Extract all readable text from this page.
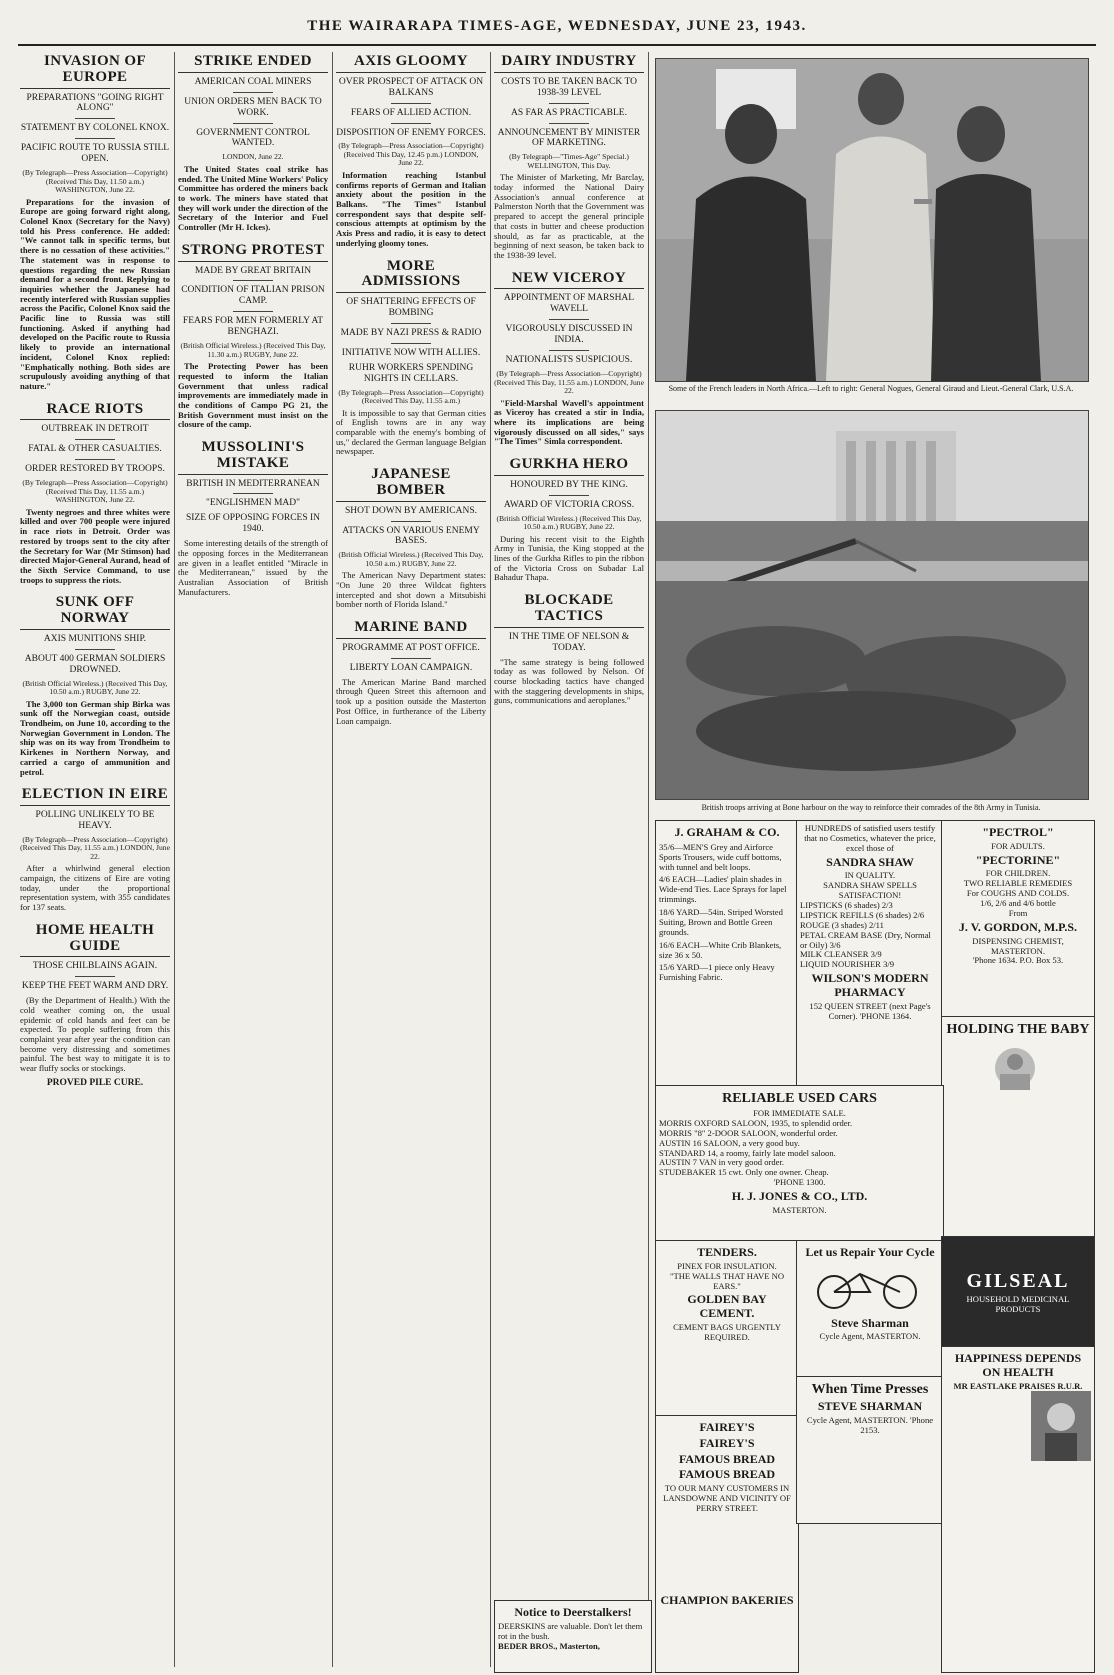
THE WAIRARAPA TIMES-AGE, WEDNESDAY, JUNE 23, 1943.
INVASION OF EUROPE
PREPARATIONS "GOING RIGHT ALONG"
STATEMENT BY COLONEL KNOX.
PACIFIC ROUTE TO RUSSIA STILL OPEN.
(By Telegraph—Press Association—Copyright) (Received This Day, 11.50 a.m.) WASHINGTON, June 22.

Preparations for the invasion of Europe are going forward right along, Colonel Knox (Secretary for the Navy) told his Press conference. He added: "We cannot talk in specific terms, but there is no cessation of these activities." The statement was in response to questions regarding the new Russian demand for a second front. Replying to inquiries whether the Japanese had recently interfered with Russian supplies across the Pacific, Colonel Knox said the Pacific line to Russia was still functioning. Asked if anything had developed on the Pacific route to Russia likely to provide an international incident, Colonel Knox replied: "Emphatically nothing. Both sides are scrupulously avoiding anything of that nature."

RACE RIOTS
OUTBREAK IN DETROIT
FATAL & OTHER CASUALTIES.
ORDER RESTORED BY TROOPS.
(By Telegraph—Press Association—Copyright) (Received This Day, 11.55 a.m.) WASHINGTON, June 22.

Twenty negroes and three whites were killed and over 700 people were injured in race riots in Detroit. Order was restored by troops sent to the city after the Secretary for War (Mr Stimson) had directed Major-General Aurand, head of the Sixth Service Command, to use troops to suppress the riots.

SUNK OFF NORWAY
AXIS MUNITIONS SHIP.
ABOUT 400 GERMAN SOLDIERS DROWNED.
(British Official Wireless.) (Received This Day, 10.50 a.m.) RUGBY, June 22.

The 3,000 ton German ship Birka was sunk off the Norwegian coast, outside Trondheim, on June 10, according to the Norwegian Government in London. The ship was on its way from Trondheim to Kirkenes in Northern Norway, and carried a cargo of ammunition and petrol.

ELECTION IN EIRE
POLLING UNLIKELY TO BE HEAVY.
(By Telegraph—Press Association—Copyright) (Received This Day, 11.55 a.m.) LONDON, June 22.

After a whirlwind general election campaign, the citizens of Eire are voting today, under the proportional representation system, with 355 candidates for 137 seats.

HOME HEALTH GUIDE
THOSE CHILBLAINS AGAIN.
KEEP THE FEET WARM AND DRY.

(By the Department of Health.) With the cold weather coming on, the usual epidemic of cold hands and feet can be expected. To people suffering from this complaint year after year the condition can become very distressing and sometimes painful. The best way to mitigate it is to wear fluffy socks or stockings.

PROVED PILE CURE.
STRIKE ENDED
AMERICAN COAL MINERS
UNION ORDERS MEN BACK TO WORK.
GOVERNMENT CONTROL WANTED.
LONDON, June 22.

The United States coal strike has ended. The United Mine Workers' Policy Committee has ordered the miners back to work. The miners have stated that they will work under the direction of the Secretary of the Interior and Fuel Controller (Mr H. Ickes).

STRONG PROTEST
MADE BY GREAT BRITAIN
CONDITION OF ITALIAN PRISON CAMP.
FEARS FOR MEN FORMERLY AT BENGHAZI.
(British Official Wireless.) (Received This Day, 11.30 a.m.) RUGBY, June 22.

The Protecting Power has been requested to inform the Italian Government that unless radical improvements are immediately made in the conditions of Campo PG 21, the British Government must insist on the closure of the camp.

MUSSOLINI'S MISTAKE
BRITISH IN MEDITERRANEAN
"ENGLISHMEN MAD"
SIZE OF OPPOSING FORCES IN 1940.

Some interesting details of the strength of the opposing forces in the Mediterranean are given in a leaflet entitled "Miracle in the Mediterranean," issued by the Australian Association of British Manufacturers.

AXIS GLOOMY
OVER PROSPECT OF ATTACK ON BALKANS
FEARS OF ALLIED ACTION.
DISPOSITION OF ENEMY FORCES.
(By Telegraph—Press Association—Copyright) (Received This Day, 12.45 p.m.) LONDON, June 22.

Information reaching Istanbul confirms reports of German and Italian anxiety about the position in the Balkans. "The Times" Istanbul correspondent says that despite self-conscious attempts at optimism by the Axis Press and radio, it is easy to detect underlying gloomy tones.

MORE ADMISSIONS
OF SHATTERING EFFECTS OF BOMBING
MADE BY NAZI PRESS & RADIO
INITIATIVE NOW WITH ALLIES.
RUHR WORKERS SPENDING NIGHTS IN CELLARS.
(By Telegraph—Press Association—Copyright) (Received This Day, 11.55 a.m.)

It is impossible to say that German cities of English towns are in any way comparable with the enemy's bombing of us," declared the German language Belgian newspaper.

JAPANESE BOMBER
SHOT DOWN BY AMERICANS.
ATTACKS ON VARIOUS ENEMY BASES.
(British Official Wireless.) (Received This Day, 10.50 a.m.) RUGBY, June 22.

The American Navy Department states: "On June 20 three Wildcat fighters intercepted and shot down a Mitsubishi bomber north of Florida Island."

MARINE BAND
PROGRAMME AT POST OFFICE.
LIBERTY LOAN CAMPAIGN.

The American Marine Band marched through Queen Street this afternoon and took up a position outside the Masterton Post Office, in furtherance of the Liberty Loan campaign.

DAIRY INDUSTRY
COSTS TO BE TAKEN BACK TO 1938-39 LEVEL
AS FAR AS PRACTICABLE.
ANNOUNCEMENT BY MINISTER OF MARKETING.
(By Telegraph—"Times-Age" Special.) WELLINGTON, This Day.

The Minister of Marketing, Mr Barclay, today informed the National Dairy Association's annual conference at Palmerston North that the Government was prepared to accept the general principle that costs in butter and cheese production should, as far as practicable, at the beginning of next season, be taken back to the 1938-39 level.

NEW VICEROY
APPOINTMENT OF MARSHAL WAVELL
VIGOROUSLY DISCUSSED IN INDIA.
NATIONALISTS SUSPICIOUS.
(By Telegraph—Press Association—Copyright) (Received This Day, 11.55 a.m.) LONDON, June 22.

"Field-Marshal Wavell's appointment as Viceroy has created a stir in India, where its implications are being vigorously discussed on all sides," says "The Times" Simla correspondent.

GURKHA HERO
HONOURED BY THE KING.
AWARD OF VICTORIA CROSS.
(British Official Wireless.) (Received This Day, 10.50 a.m.) RUGBY, June 22.

During his recent visit to the Eighth Army in Tunisia, the King stopped at the lines of the Gurkha Rifles to pin the ribbon of the Victoria Cross on Subadar Lal Bahadur Thapa.

BLOCKADE TACTICS
IN THE TIME OF NELSON & TODAY.

"The same strategy is being followed today as was followed by Nelson. Of course blockading tactics have changed with the staggering developments in ships, guns, communications and aeroplanes."

Some of the French leaders in North Africa.—Left to right: General Nogues, General Giraud and Lieut.-General Clark, U.S.A.
British troops arriving at Bone harbour on the way to reinforce their comrades of the 8th Army in Tunisia.
J. GRAHAM & CO.
35/6—MEN'S Grey and Airforce Sports Trousers, wide cuff bottoms, with tunnel and belt loops.
4/6 EACH—Ladies' plain shades in Wide-end Ties. Lace Sprays for lapel trimmings.
18/6 YARD—54in. Striped Worsted Suiting, Brown and Bottle Green grounds.
16/6 EACH—White Crib Blankets, size 36 x 50.
15/6 YARD—1 piece only Heavy Furnishing Fabric.
HUNDREDS of satisfied users testify that no Cosmetics, whatever the price, excel those of
SANDRA SHAW
IN QUALITY.
SANDRA SHAW SPELLS SATISFACTION!
LIPSTICKS (6 shades) 2/3
LIPSTICK REFILLS (6 shades) 2/6
ROUGE (3 shades) 2/11
PETAL CREAM BASE (Dry, Normal or Oily) 3/6
MILK CLEANSER 3/9
LIQUID NOURISHER 3/9
WILSON'S MODERN PHARMACY
152 QUEEN STREET (next Page's Corner). 'PHONE 1364.
"PECTROL"
FOR ADULTS.
"PECTORINE"
FOR CHILDREN.
TWO RELIABLE REMEDIES
For COUGHS AND COLDS.
1/6, 2/6 and 4/6 bottle
From
J. V. GORDON, M.P.S.
DISPENSING CHEMIST, MASTERTON.
'Phone 1634. P.O. Box 53.
HOLDING THE BABY
RELIABLE USED CARS
FOR IMMEDIATE SALE.
MORRIS OXFORD SALOON, 1935, to splendid order.
MORRIS "8" 2-DOOR SALOON, wonderful order.
AUSTIN 16 SALOON, a very good buy.
STANDARD 14, a roomy, fairly late model saloon.
AUSTIN 7 VAN in very good order.
STUDEBAKER 15 cwt. Only one owner. Cheap.
'PHONE 1300.
H. J. JONES & CO., LTD.
MASTERTON.
TENDERS.
PINEX FOR INSULATION.
"THE WALLS THAT HAVE NO EARS."
GOLDEN BAY CEMENT.
CEMENT BAGS URGENTLY REQUIRED.
FAIREY'S
FAIREY'S
FAMOUS BREAD
FAMOUS BREAD
TO OUR MANY CUSTOMERS IN LANSDOWNE AND VICINITY OF PERRY STREET.
CHAMPION BAKERIES
Let us Repair Your Cycle
Steve Sharman
Cycle Agent, MASTERTON.
When Time Presses
STEVE SHARMAN
Cycle Agent, MASTERTON. 'Phone 2153.
GILSEAL
HOUSEHOLD MEDICINAL PRODUCTS
HAPPINESS DEPENDS ON HEALTH
MR EASTLAKE PRAISES R.U.R.
Notice to Deerstalkers!
DEERSKINS are valuable. Don't let them rot in the bush.
BEDER BROS., Masterton,
